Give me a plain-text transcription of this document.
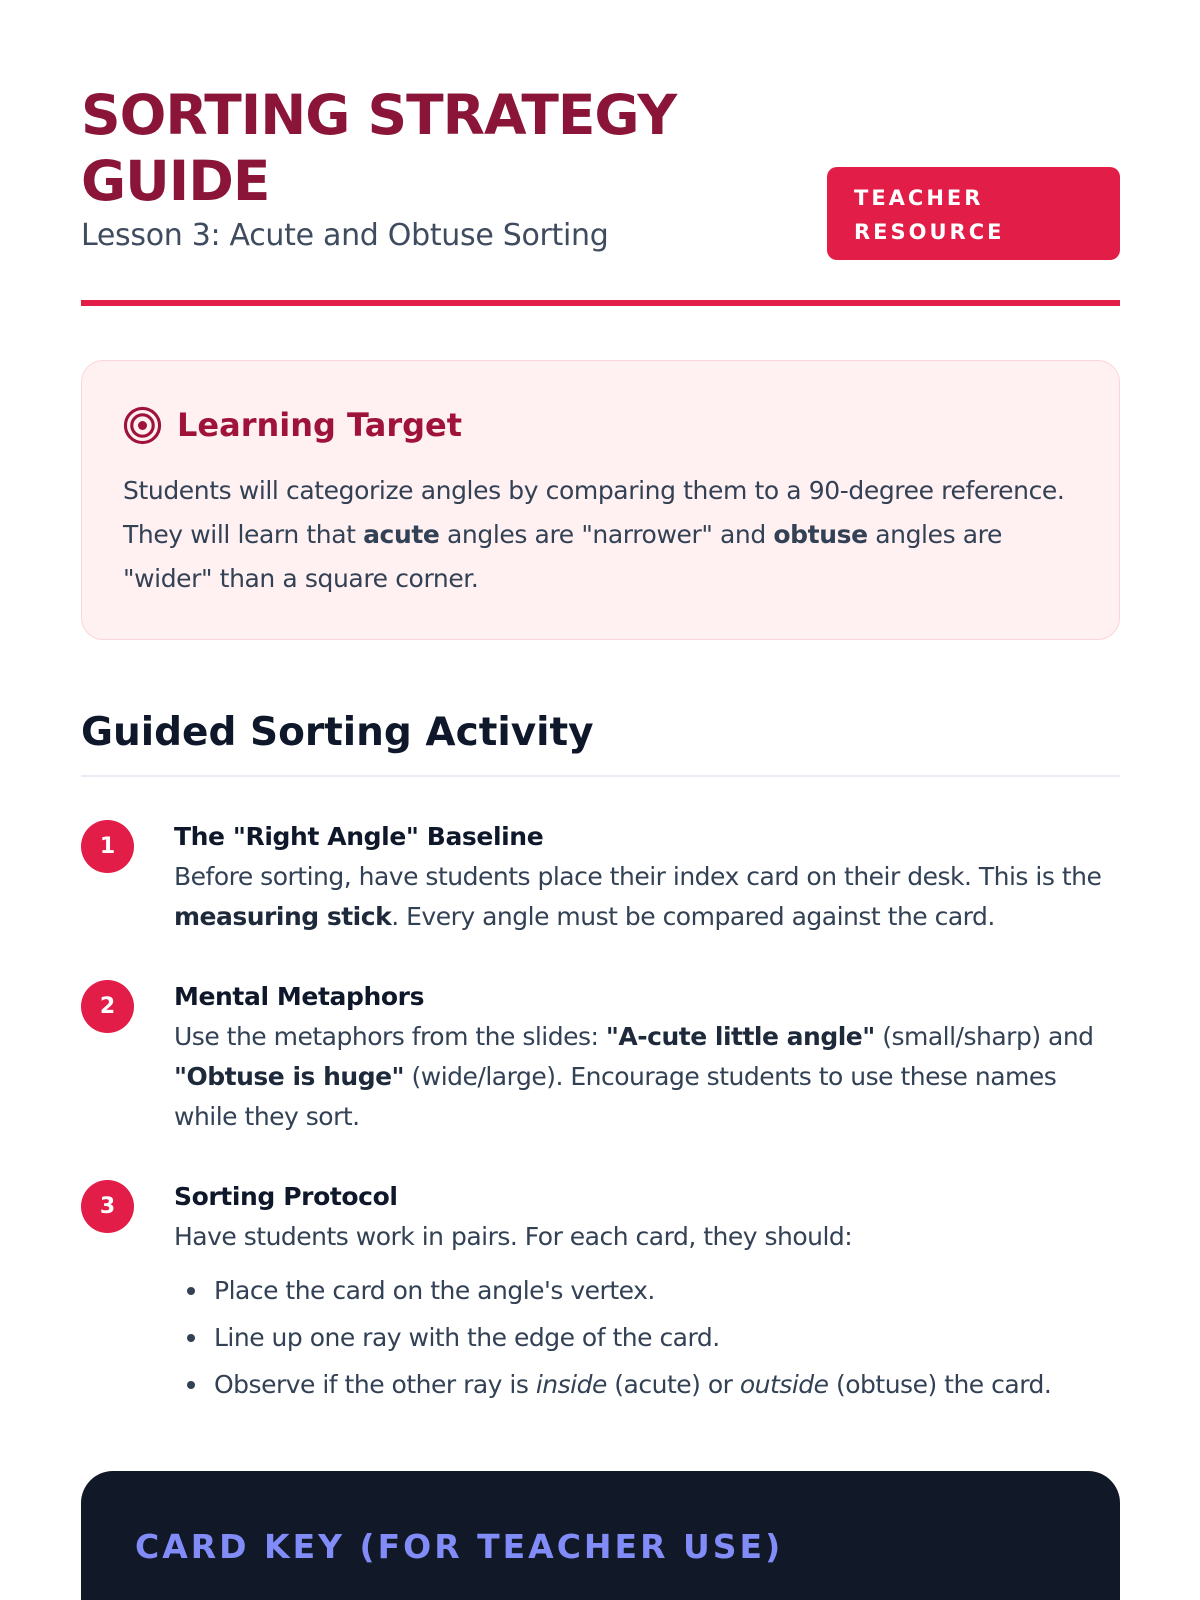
SORTING STRATEGY GUIDE
Lesson 3: Acute and Obtuse Sorting
TEACHER RESOURCE
Learning Target

Students will categorize angles by comparing them to a 90-degree reference. They will learn that acute angles are "narrower" and obtuse angles are "wider" than a square corner.

Guided Sorting Activity
1	The "Right Angle" Baseline

Before sorting, have students place their index card on their desk. This is the measuring stick. Every angle must be compared against the card.

2	Mental Metaphors

Use the metaphors from the slides: "A-cute little angle" (small/sharp) and "Obtuse is huge" (wide/large). Encourage students to use these names while they sort.

3	Sorting Protocol

Have students work in pairs. For each card, they should:

Place the card on the angle's vertex.
Line up one ray with the edge of the card.
Observe if the other ray is inside (acute) or outside (obtuse) the card.
CARD KEY (FOR TEACHER USE)
